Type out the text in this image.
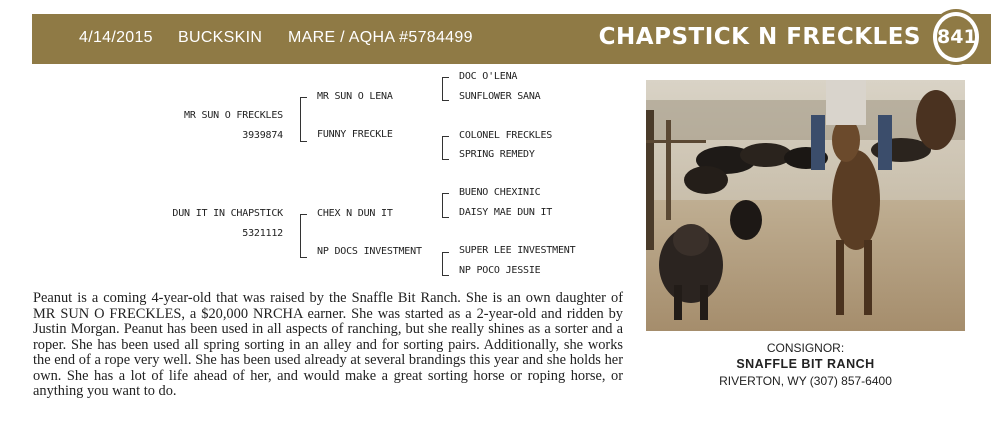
4/14/2015 BUCKSKIN MARE / AQHA #5784499	CHAPSTICK N FRECKLES 841
MR SUN O FRECKLES
3939874
DUN IT IN CHAPSTICK
5321112
MR SUN O LENA
FUNNY FRECKLE
CHEX N DUN IT
NP DOCS INVESTMENT
DOC O'LENA
SUNFLOWER SANA
COLONEL FRECKLES
SPRING REMEDY
BUENO CHEXINIC
DAISY MAE DUN IT
SUPER LEE INVESTMENT
NP POCO JESSIE
Peanut is a coming 4-year-old that was raised by the Snaffle Bit Ranch. She is an own daughter of MR SUN O FRECKLES, a $20,000 NRCHA earner. She was started as a 2-year-old and ridden by Justin Morgan. Peanut has been used in all aspects of ranching, but she really shines as a sorter and a roper. She has been used all spring sorting in an alley and for sorting pairs. Additionally, she works the end of a rope very well. She has been used already at several brandings this year and she holds her own. She has a lot of life ahead of her, and would make a great sorting horse or roping horse, or anything you want to do.
CONSIGNOR:
SNAFFLE BIT RANCH
RIVERTON, WY (307) 857-6400
